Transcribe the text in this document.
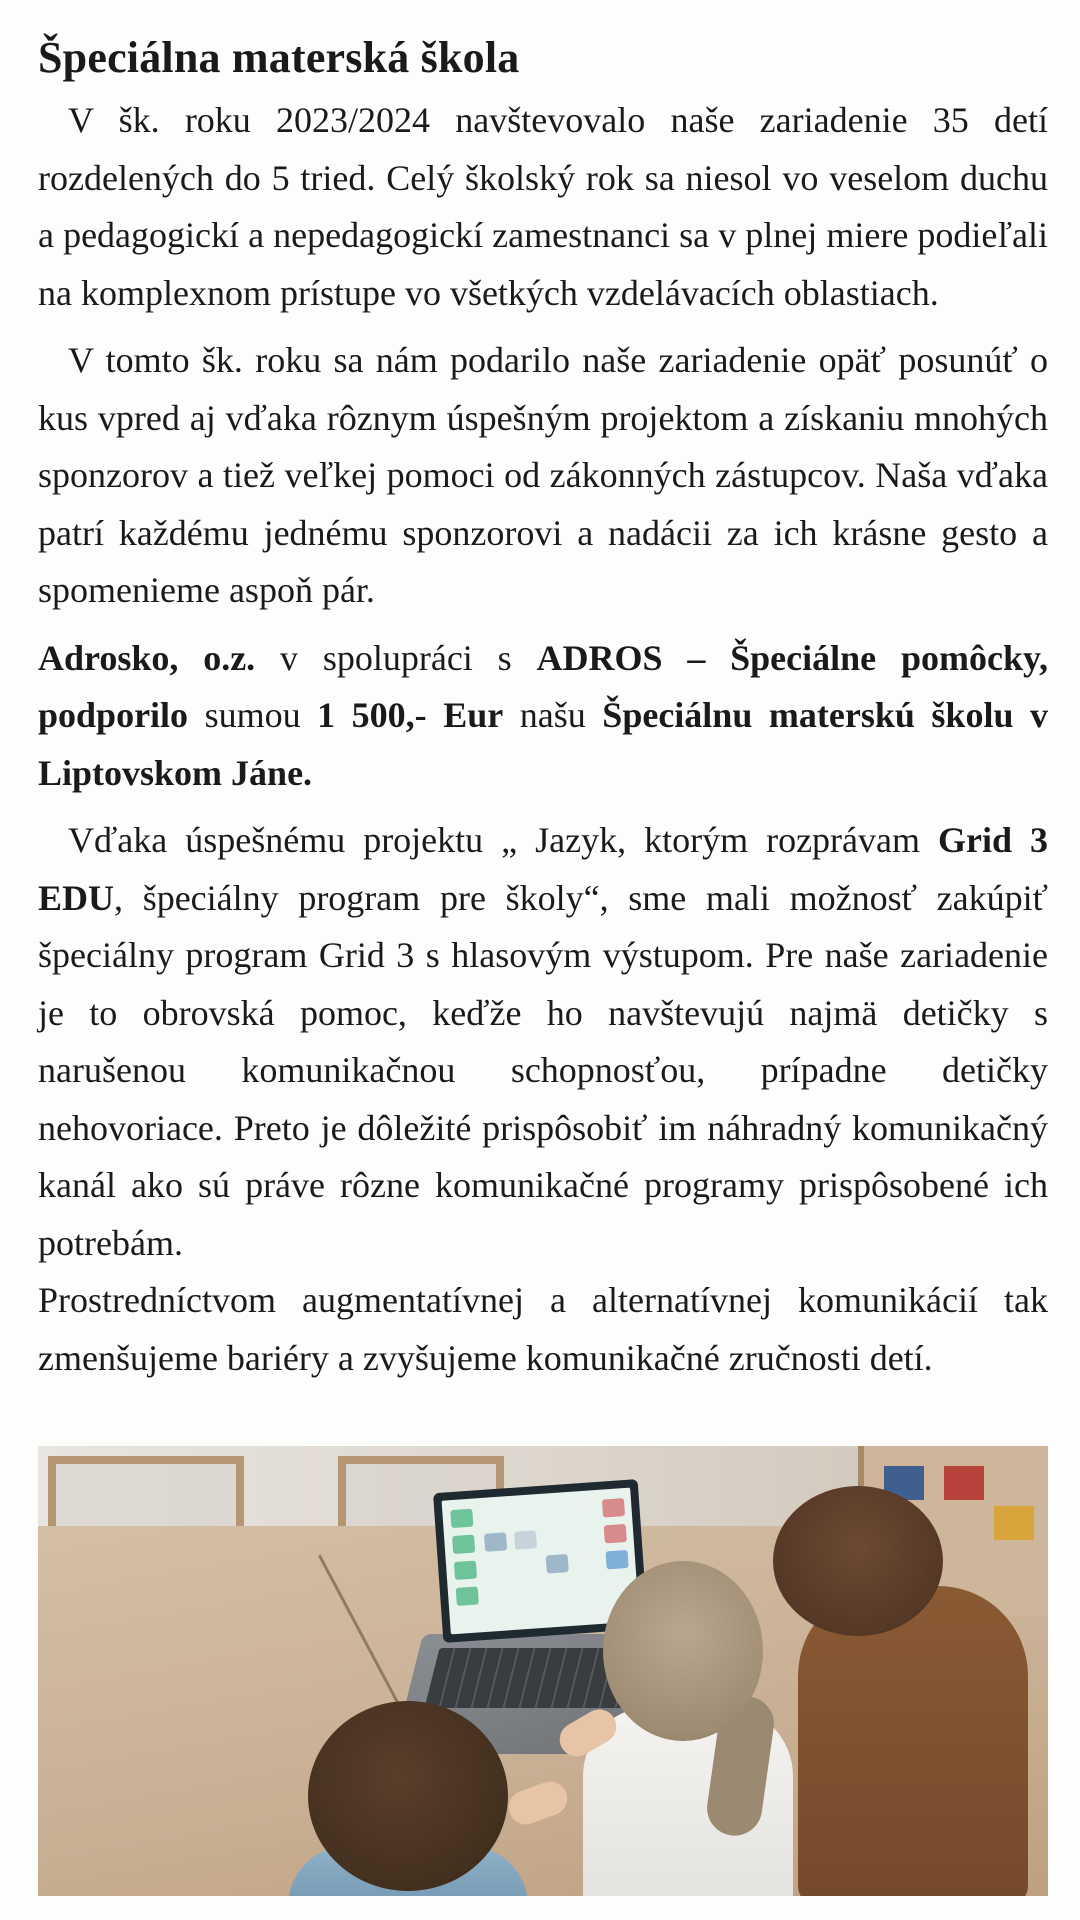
Špeciálna materská škola

V šk. roku 2023/2024 navštevovalo naše zariadenie 35 detí rozdelených do 5 tried. Celý školský rok sa niesol vo veselom duchu a pedagogickí a nepedagogickí zamestnanci sa v plnej miere podieľali na komplexnom prístupe vo všetkých vzdelávacích oblastiach.

V tomto šk. roku sa nám podarilo naše zariadenie opäť posunúť o kus vpred aj vďaka rôznym úspešným projektom a získaniu mnohých sponzorov a tiež veľkej pomoci od zákonných zástupcov. Naša vďaka patrí každému jednému sponzorovi a nadácii za ich krásne gesto a spomenieme aspoň pár.

Adrosko, o.z. v spolupráci s ADROS – Špeciálne pomôcky, podporilo sumou 1 500,- Eur našu Špeciálnu materskú školu v Liptovskom Jáne.

Vďaka úspešnému projektu „ Jazyk, ktorým rozprávam Grid 3 EDU, špeciálny program pre školy“, sme mali možnosť zakúpiť špeciálny program Grid 3 s hlasovým výstupom. Pre naše zariadenie je to obrovská pomoc, keďže ho navštevujú najmä detičky s narušenou komunikačnou schopnosťou, prípadne detičky nehovoriace. Preto je dôležité prispôsobiť im náhradný komunikačný kanál ako sú práve rôzne komunikačné programy prispôsobené ich potrebám.

Prostredníctvom augmentatívnej a alternatívnej komunikácií tak zmenšujeme bariéry a zvyšujeme komunikačné zručnosti detí.
